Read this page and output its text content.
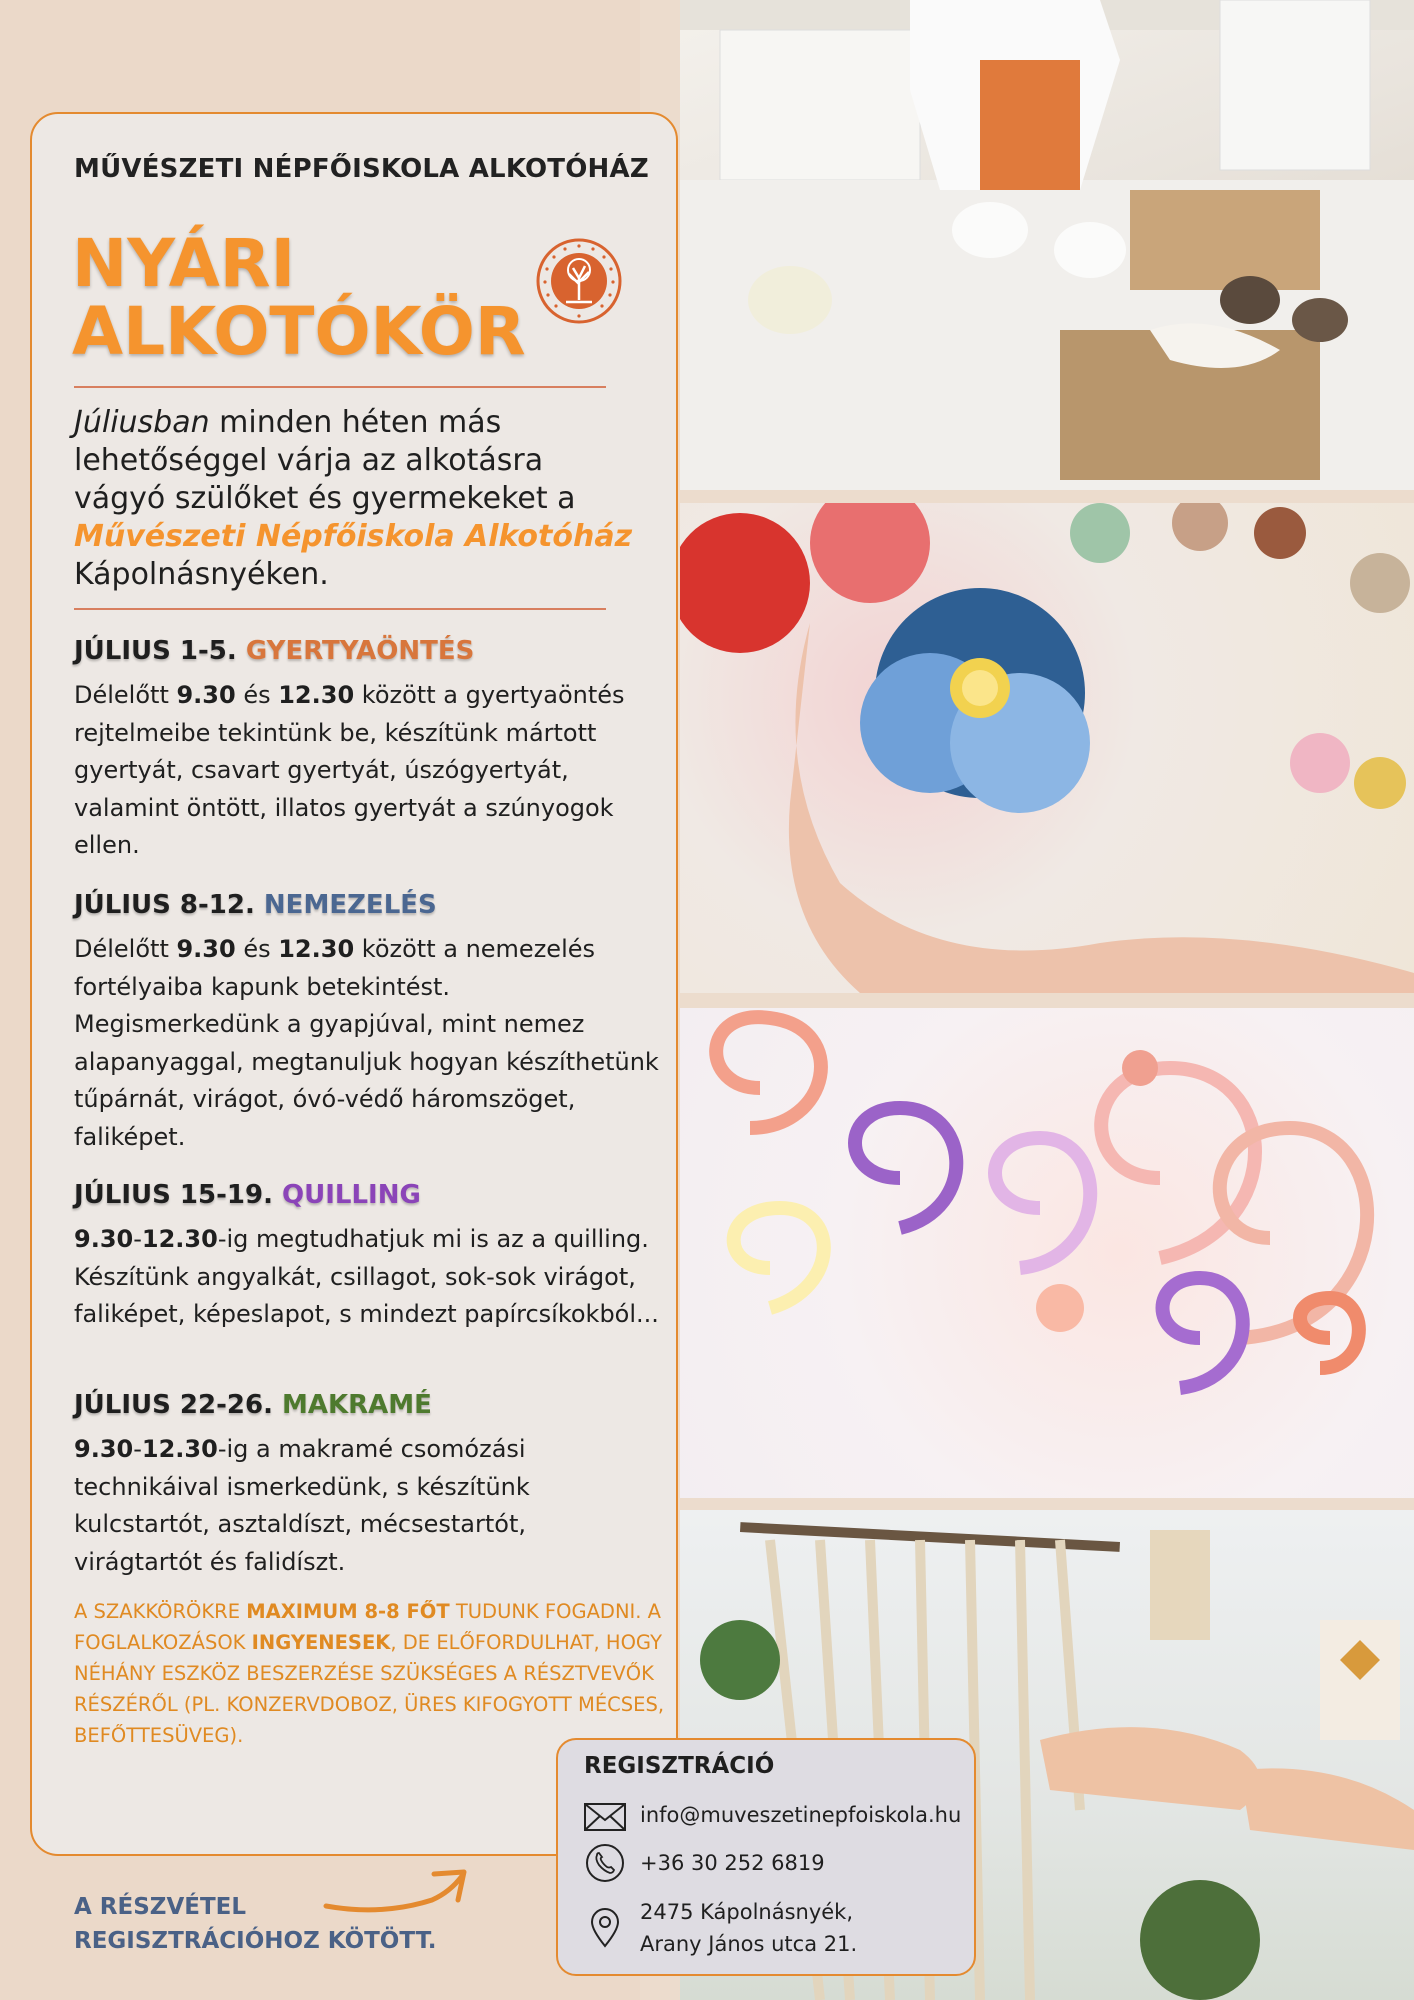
MŰVÉSZETI NÉPFŐISKOLA ALKOTÓHÁZ
NYÁRI
ALKOTÓKÖR
Júliusban minden héten más lehetőséggel várja az alkotásra vágyó szülőket és gyermekeket a Művészeti Népfőiskola Alkotóház Kápolnásnyéken.
JÚLIUS 1-5. GYERTYAÖNTÉS
Délelőtt 9.30 és 12.30 között a gyertyaöntés rejtelmeibe tekintünk be, készítünk mártott gyertyát, csavart gyertyát, úszógyertyát, valamint öntött, illatos gyertyát a szúnyogok ellen.
JÚLIUS 8-12. NEMEZELÉS
Délelőtt 9.30 és 12.30 között a nemezelés fortélyaiba kapunk betekintést. Megismerkedünk a gyapjúval, mint nemez alapanyaggal, megtanuljuk hogyan készíthetünk tűpárnát, virágot, óvó-védő háromszöget, faliképet.
JÚLIUS 15-19. QUILLING
9.30-12.30-ig megtudhatjuk mi is az a quilling. Készítünk angyalkát, csillagot, sok-sok virágot, faliképet, képeslapot, s mindezt papírcsíkokból...
JÚLIUS 22-26. MAKRAMÉ
9.30-12.30-ig a makramé csomózási technikáival ismerkedünk, s készítünk kulcstartót, asztaldíszt, mécsestartót, virágtartót és falidíszt.
A SZAKKÖRÖKRE MAXIMUM 8-8 FŐT TUDUNK FOGADNI. A FOGLALKOZÁSOK INGYENESEK, DE ELŐFORDULHAT, HOGY NÉHÁNY ESZKÖZ BESZERZÉSE SZÜKSÉGES A RÉSZTVEVŐK RÉSZÉRŐL (PL. KONZERVDOBOZ, ÜRES KIFOGYOTT MÉCSES, BEFŐTTESÜVEG).
REGISZTRÁCIÓ
info@muveszetinepfoiskola.hu
+36 30 252 6819
2475 Kápolnásnyék,
Arany János utca 21.
A RÉSZVÉTEL
REGISZTRÁCIÓHOZ KÖTÖTT.
